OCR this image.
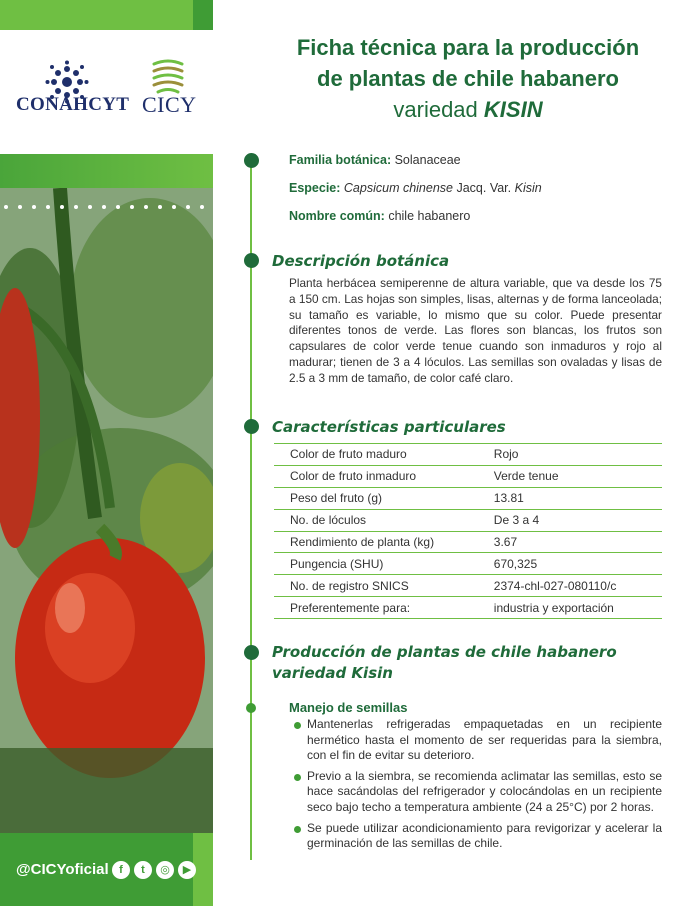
CONAHCYT CICY
@CICYoficial f	t	◎	▶
Ficha técnica para la producción
de plantas de chile habanero
variedad KISIN
Familia botánica: Solanaceae
Especie: Capsicum chinense Jacq. Var. Kisin
Nombre común: chile habanero
Descripción botánica

Planta herbácea semiperenne de altura variable, que va desde los 75 a 150 cm. Las hojas son simples, lisas, alternas y de forma lanceolada; su tamaño es variable, lo mismo que su color. Puede presentar diferentes tonos de verde. Las flores son blancas, los frutos son capsulares de color verde tenue cuando son inmaduros y rojo al madurar; tienen de 3 a 4 lóculos. Las semillas son ovaladas y lisas de 2.5 a 3 mm de tamaño, de color café claro.

Características particulares
Color de fruto maduro	Rojo
Color de fruto inmaduro	Verde tenue
Peso del fruto (g)	13.81
No. de lóculos	De 3 a 4
Rendimiento de planta (kg)	3.67
Pungencia (SHU)	670,325
No. de registro SNICS	2374-chl-027-080110/c
Preferentemente para:	industria y exportación
Producción de plantas de chile habanero
variedad Kisin
Manejo de semillas
Mantenerlas refrigeradas empaquetadas en un recipiente hermético hasta el momento de ser requeridas para la siembra, con el fin de evitar su deterioro.
Previo a la siembra, se recomienda aclimatar las semillas, esto se hace sacándolas del refrigerador y colocándolas en un recipiente seco bajo techo a temperatura ambiente (24 a 25°C) por 2 horas.
Se puede utilizar acondicionamiento para revigorizar y acelerar la germinación de las semillas de chile.
